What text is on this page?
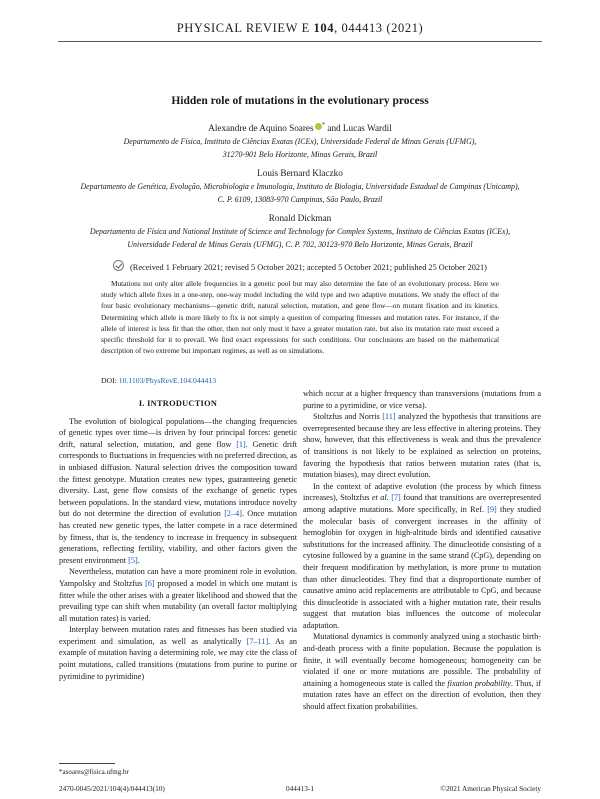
PHYSICAL REVIEW E 104, 044413 (2021)
Hidden role of mutations in the evolutionary process
Alexandre de Aquino Soares * and Lucas Wardil
Departamento de Física, Instituto de Ciências Exatas (ICEx), Universidade Federal de Minas Gerais (UFMG),
31270-901 Belo Horizonte, Minas Gerais, Brazil
Louis Bernard Klaczko
Departamento de Genética, Evolução, Microbiologia e Imunologia, Instituto de Biologia, Universidade Estadual de Campinas (Unicamp),
C. P. 6109, 13083-970 Campinas, São Paulo, Brazil
Ronald Dickman
Departamento de Física and National Institute of Science and Technology for Complex Systems, Instituto de Ciências Exatas (ICEx),
Universidade Federal de Minas Gerais (UFMG), C. P. 702, 30123-970 Belo Horizonte, Minas Gerais, Brazil
(Received 1 February 2021; revised 5 October 2021; accepted 5 October 2021; published 25 October 2021)
Mutations not only alter allele frequencies in a genetic pool but may also determine the fate of an evolutionary process. Here we study which allele fixes in a one-step, one-way model including the wild type and two adaptive mutations. We study the effect of the four basic evolutionary mechanisms—genetic drift, natural selection, mutation, and gene flow—on mutant fixation and its kinetics. Determining which allele is more likely to fix is not simply a question of comparing fitnesses and mutation rates. For instance, if the allele of interest is less fit than the other, then not only must it have a greater mutation rate, but also its mutation rate must exceed a specific threshold for it to prevail. We find exact expressions for such conditions. Our conclusions are based on the mathematical description of two extreme but important regimes, as well as on simulations.
DOI: 10.1103/PhysRevE.104.044413
I. INTRODUCTION

The evolution of biological populations—the changing frequencies of genetic types over time—is driven by four principal forces: genetic drift, natural selection, mutation, and gene flow [1]. Genetic drift corresponds to fluctuations in frequencies with no preferred direction, as in unbiased diffusion. Natural selection drives the composition toward the fittest genotype. Mutation creates new types, guaranteeing genetic diversity. Last, gene flow consists of the exchange of genetic types between populations. In the standard view, mutations introduce novelty but do not determine the direction of evolution [2–4]. Once mutation has created new genetic types, the latter compete in a race determined by fitness, that is, the tendency to increase in frequency in subsequent generations, reflecting fertility, viability, and other factors given the present environment [5].

Nevertheless, mutation can have a more prominent role in evolution. Yampolsky and Stoltzfus [6] proposed a model in which one mutant is fitter while the other arises with a greater likelihood and showed that the prevailing type can shift when mutability (an overall factor multiplying all mutation rates) is varied.

Interplay between mutation rates and fitnesses has been studied via experiment and simulation, as well as analytically [7–11]. As an example of mutation having a determining role, we may cite the class of point mutations, called transitions (mutations from purine to purine or pyrimidine to pyrimidine)

which occur at a higher frequency than transversions (mutations from a purine to a pyrimidine, or vice versa).

Stoltzfus and Norris [11] analyzed the hypothesis that transitions are overrepresented because they are less effective in altering proteins. They show, however, that this effectiveness is weak and thus the prevalence of transitions is not likely to be explained as selection on proteins, favoring the hypothesis that ratios between mutation rates (that is, mutation biases), may direct evolution.

In the context of adaptive evolution (the process by which fitness increases), Stoltzfus et al. [7] found that transitions are overrepresented among adaptive mutations. More specifically, in Ref. [9] they studied the molecular basis of convergent increases in the affinity of hemoglobin for oxygen in high-altitude birds and identified causative substitutions for the increased affinity. The dinucleotide consisting of a cytosine followed by a guanine in the same strand (CpG), depending on their frequent modification by methylation, is more prone to mutation than other dinucleotides. They find that a disproportionate number of causative amino acid replacements are attributable to CpG, and because this dinucleotide is associated with a higher mutation rate, their results suggest that mutation bias influences the outcome of molecular adaptation.

Mutational dynamics is commonly analyzed using a stochastic birth-and-death process with a finite population. Because the population is finite, it will eventually become homogeneous; homogeneity can be violated if one or more mutations are possible. The probability of attaining a homogeneous state is called the fixation probability. Thus, if mutation rates have an effect on the direction of evolution, then they should affect fixation probabilities.

*asoares@fisica.ufmg.br
2470-0045/2021/104(4)/044413(10)	044413-1	©2021 American Physical Society
